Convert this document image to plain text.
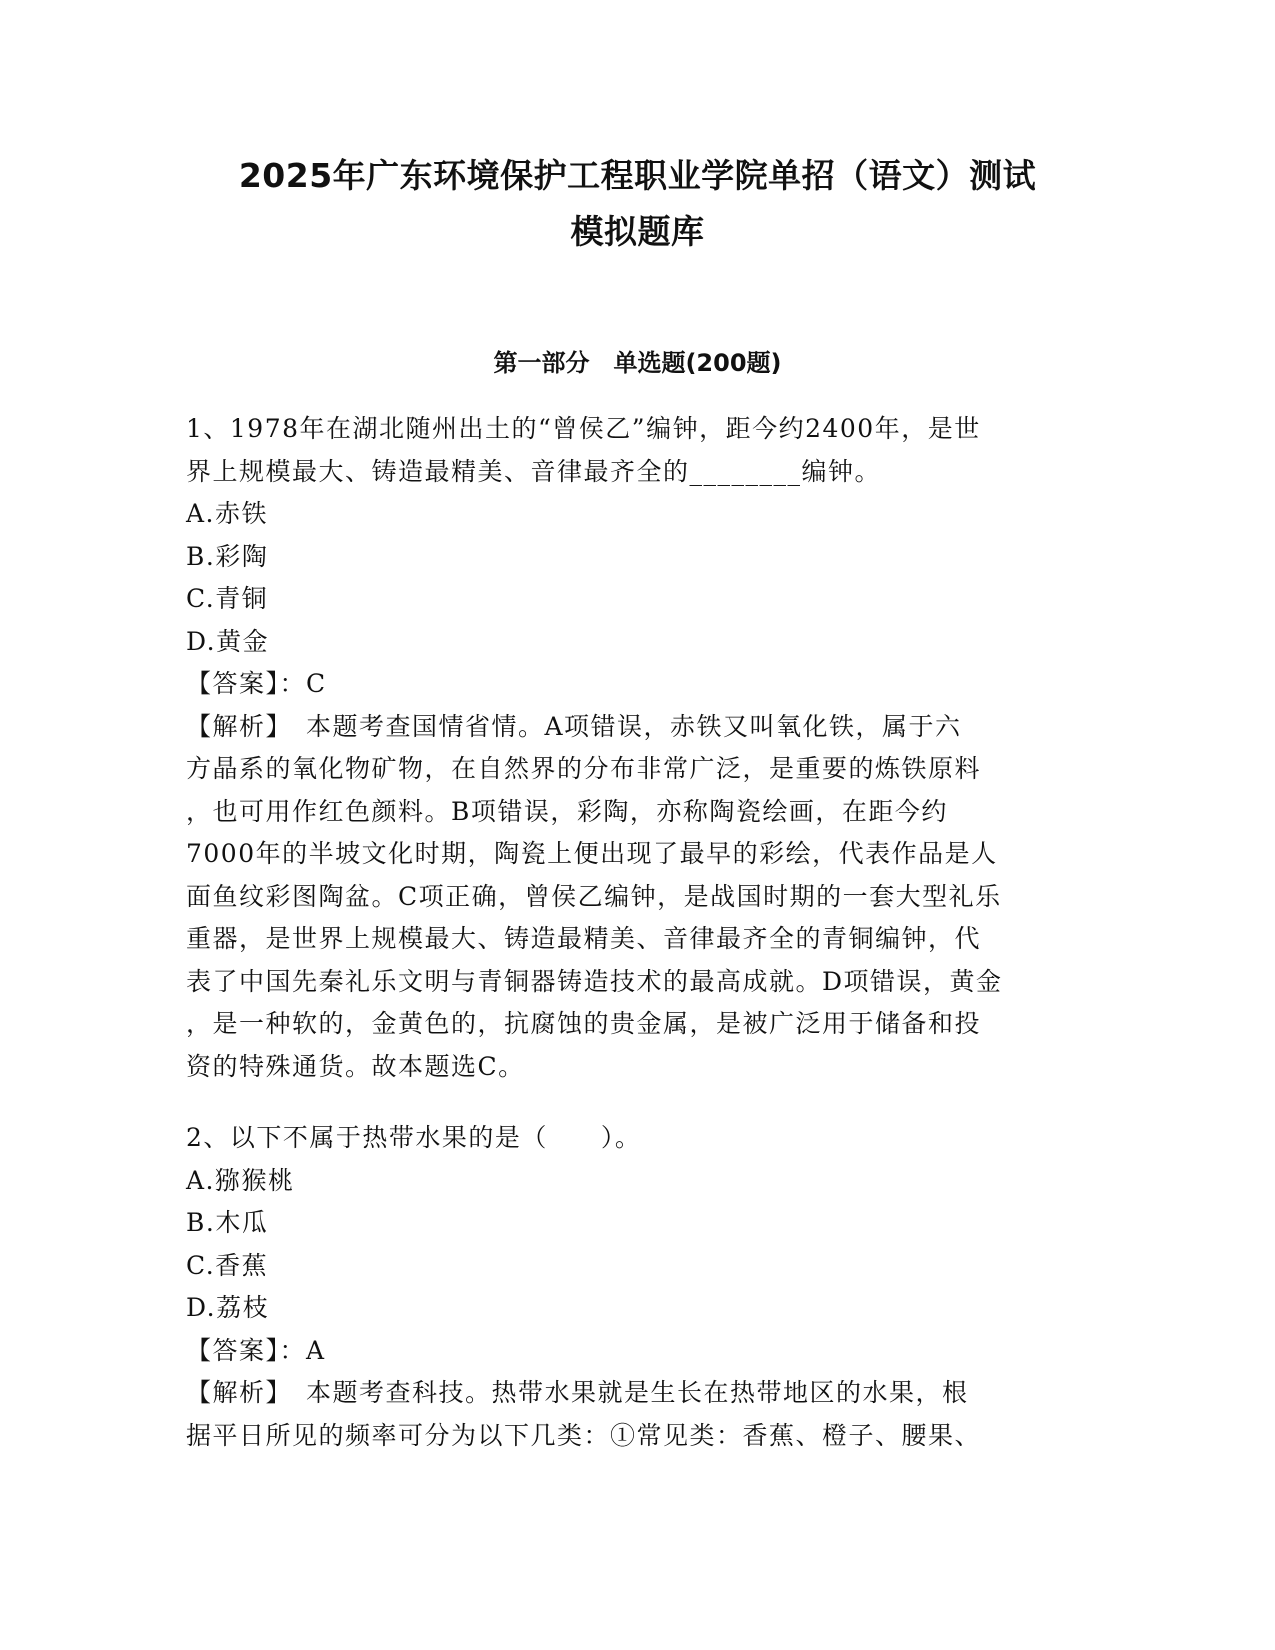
2025年广东环境保护工程职业学院单招（语文）测试
模拟题库
第一部分　单选题(200题)
1、1978年在湖北随州出土的“曾侯乙”编钟，距今约2400年，是世
界上规模最大、铸造最精美、音律最齐全的________编钟。
A.赤铁
B.彩陶
C.青铜
D.黄金
【答案】：C
【解析】　本题考查国情省情。A项错误，赤铁又叫氧化铁，属于六
方晶系的氧化物矿物，在自然界的分布非常广泛，是重要的炼铁原料
，也可用作红色颜料。B项错误，彩陶，亦称陶瓷绘画，在距今约
7000年的半坡文化时期，陶瓷上便出现了最早的彩绘，代表作品是人
面鱼纹彩图陶盆。C项正确，曾侯乙编钟，是战国时期的一套大型礼乐
重器，是世界上规模最大、铸造最精美、音律最齐全的青铜编钟，代
表了中国先秦礼乐文明与青铜器铸造技术的最高成就。D项错误，黄金
，是一种软的，金黄色的，抗腐蚀的贵金属，是被广泛用于储备和投
资的特殊通货。故本题选C。
2、以下不属于热带水果的是（　　）。
A.猕猴桃
B.木瓜
C.香蕉
D.荔枝
【答案】：A
【解析】　本题考查科技。热带水果就是生长在热带地区的水果，根
据平日所见的频率可分为以下几类：①常见类：香蕉、橙子、腰果、
